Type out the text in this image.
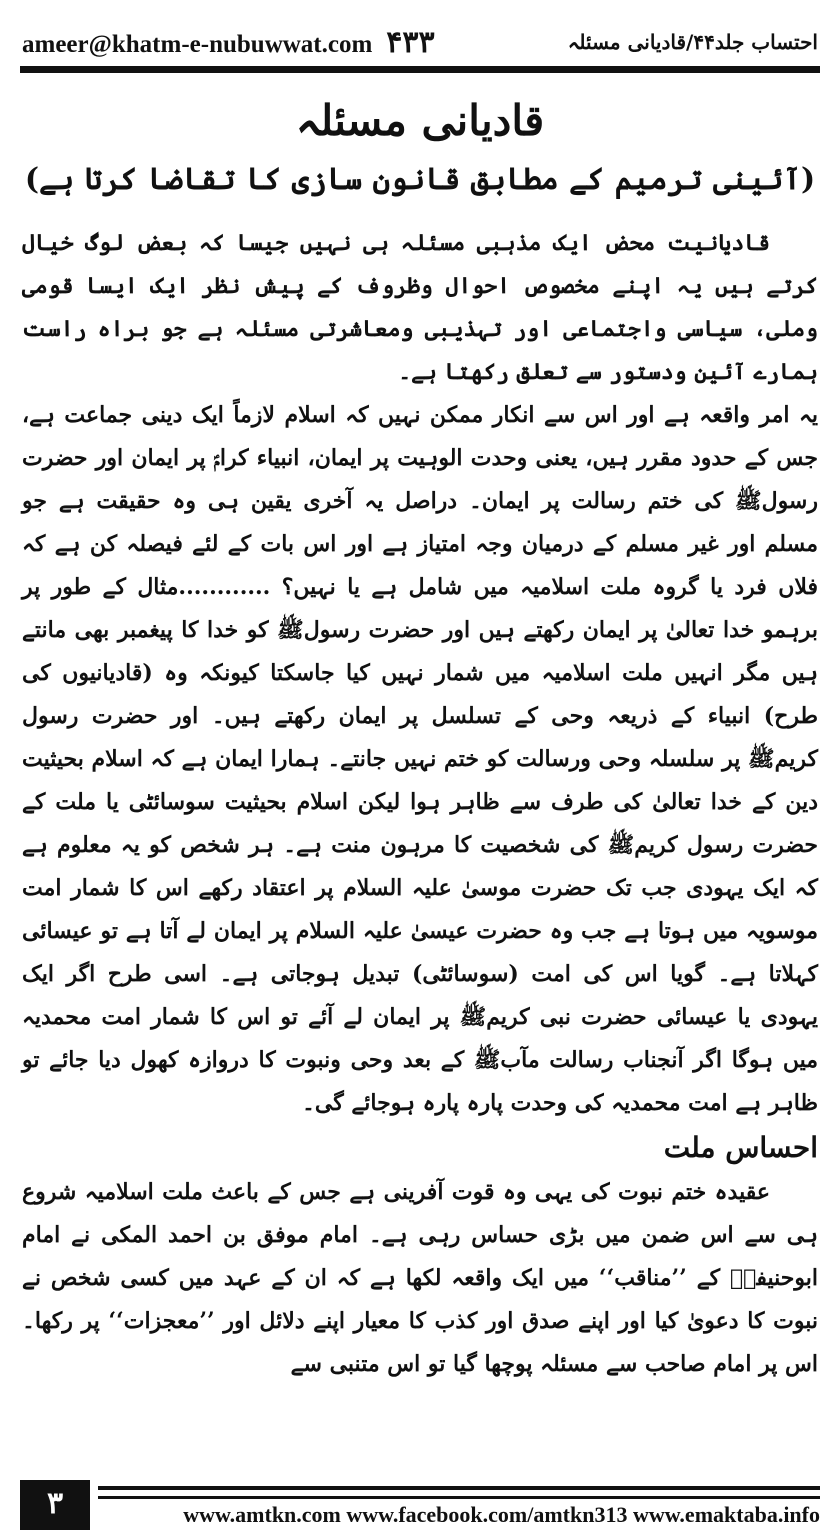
ameer@khatm-e-nubuwwat.com ۴۳۳	احتساب جلد۴۴/قادیانی مسئلہ
قادیانی مسئلہ
(آئینی ترمیم کے مطابق قانون سازی کا تقاضا کرتا ہے)

قادیانیت محض ایک مذہبی مسئلہ ہی نہیں جیسا کہ بعض لوگ خیال کرتے ہیں یہ اپنے مخصوص احوال وظروف کے پیش نظر ایک ایسا قومی وملی، سیاسی واجتماعی اور تہذیبی ومعاشرتی مسئلہ ہے جو براہ راست ہمارے آئین ودستور سے تعلق رکھتا ہے۔

یہ امر واقعہ ہے اور اس سے انکار ممکن نہیں کہ اسلام لازماً ایک دینی جماعت ہے، جس کے حدود مقرر ہیں، یعنی وحدت الوہیت پر ایمان، انبیاء کرامؑ پر ایمان اور حضرت رسولﷺ کی ختم رسالت پر ایمان۔ دراصل یہ آخری یقین ہی وہ حقیقت ہے جو مسلم اور غیر مسلم کے درمیان وجہ امتیاز ہے اور اس بات کے لئے فیصلہ کن ہے کہ فلاں فرد یا گروہ ملت اسلامیہ میں شامل ہے یا نہیں؟ ............مثال کے طور پر برہمو خدا تعالیٰ پر ایمان رکھتے ہیں اور حضرت رسولﷺ کو خدا کا پیغمبر بھی مانتے ہیں مگر انہیں ملت اسلامیہ میں شمار نہیں کیا جاسکتا کیونکہ وہ (قادیانیوں کی طرح) انبیاء کے ذریعہ وحی کے تسلسل پر ایمان رکھتے ہیں۔ اور حضرت رسول کریمﷺ پر سلسلہ وحی ورسالت کو ختم نہیں جانتے۔ ہمارا ایمان ہے کہ اسلام بحیثیت دین کے خدا تعالیٰ کی طرف سے ظاہر ہوا لیکن اسلام بحیثیت سوسائٹی یا ملت کے حضرت رسول کریمﷺ کی شخصیت کا مرہون منت ہے۔ ہر شخص کو یہ معلوم ہے کہ ایک یہودی جب تک حضرت موسیٰ علیہ السلام پر اعتقاد رکھے اس کا شمار امت موسویہ میں ہوتا ہے جب وہ حضرت عیسیٰ علیہ السلام پر ایمان لے آتا ہے تو عیسائی کہلاتا ہے۔ گویا اس کی امت (سوسائٹی) تبدیل ہوجاتی ہے۔ اسی طرح اگر ایک یہودی یا عیسائی حضرت نبی کریمﷺ پر ایمان لے آئے تو اس کا شمار امت محمدیہ میں ہوگا اگر آنجناب رسالت مآبﷺ کے بعد وحی ونبوت کا دروازہ کھول دیا جائے تو ظاہر ہے امت محمدیہ کی وحدت پارہ پارہ ہوجائے گی۔

احساس ملت

عقیدہ ختم نبوت کی یہی وہ قوت آفرینی ہے جس کے باعث ملت اسلامیہ شروع ہی سے اس ضمن میں بڑی حساس رہی ہے۔ امام موفق بن احمد المکی نے امام ابوحنیفہؒ کے ’’مناقب‘‘ میں ایک واقعہ لکھا ہے کہ ان کے عہد میں کسی شخص نے نبوت کا دعویٰ کیا اور اپنے صدق اور کذب کا معیار اپنے دلائل اور ’’معجزات‘‘ پر رکھا۔ اس پر امام صاحب سے مسئلہ پوچھا گیا تو اس متنبی سے

۳	www.amtkn.com www.facebook.com/amtkn313 www.emaktaba.info
